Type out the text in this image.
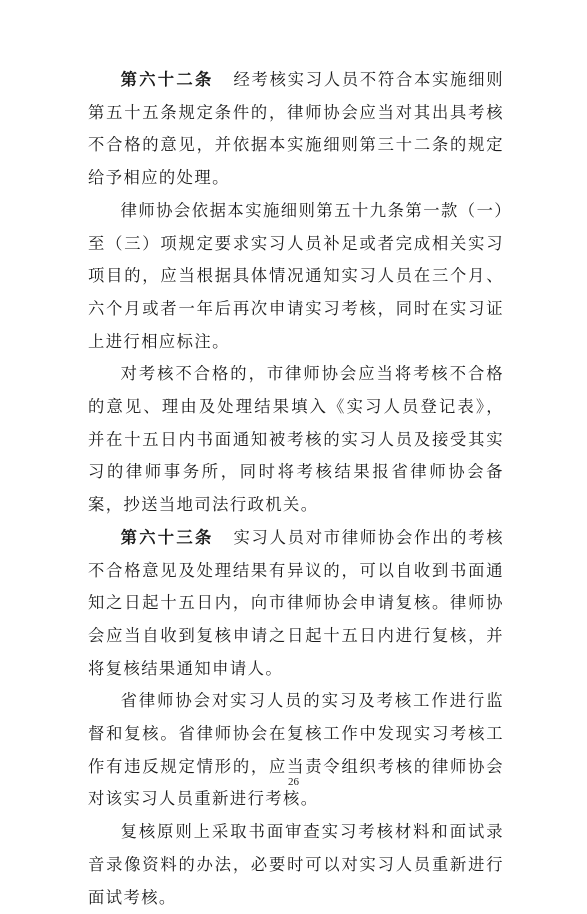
第六十二条 经考核实习人员不符合本实施细则第五十五条规定条件的，律师协会应当对其出具考核不合格的意见，并依据本实施细则第三十二条的规定给予相应的处理。

律师协会依据本实施细则第五十九条第一款（一）至（三）项规定要求实习人员补足或者完成相关实习项目的，应当根据具体情况通知实习人员在三个月、六个月或者一年后再次申请实习考核，同时在实习证上进行相应标注。

对考核不合格的，市律师协会应当将考核不合格的意见、理由及处理结果填入《实习人员登记表》，并在十五日内书面通知被考核的实习人员及接受其实习的律师事务所，同时将考核结果报省律师协会备案，抄送当地司法行政机关。

第六十三条 实习人员对市律师协会作出的考核不合格意见及处理结果有异议的，可以自收到书面通知之日起十五日内，向市律师协会申请复核。律师协会应当自收到复核申请之日起十五日内进行复核，并将复核结果通知申请人。

省律师协会对实习人员的实习及考核工作进行监督和复核。省律师协会在复核工作中发现实习考核工作有违反规定情形的，应当责令组织考核的律师协会对该实习人员重新进行考核。

复核原则上采取书面审查实习考核材料和面试录音录像资料的办法，必要时可以对实习人员重新进行面试考核。

26
